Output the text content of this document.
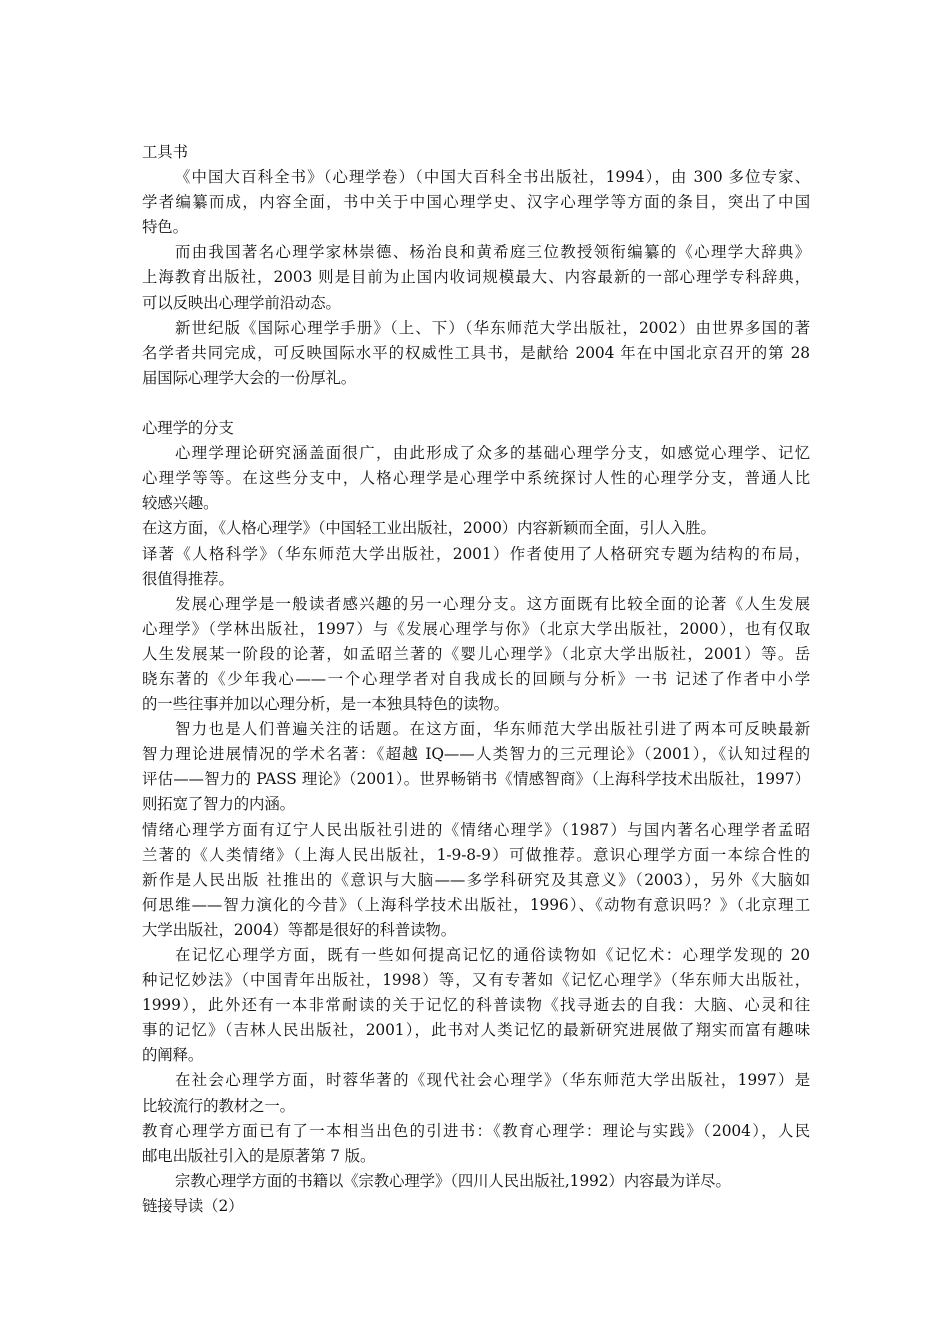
工具书
《中国大百科全书》（心理学卷）（中国大百科全书出版社，1994），由 300 多位专家、
学者编纂而成，内容全面，书中关于中国心理学史、汉字心理学等方面的条目，突出了中国
特色。
而由我国著名心理学家林崇德、杨治良和黄希庭三位教授领衔编纂的《心理学大辞典》
上海教育出版社，2003 则是目前为止国内收词规模最大、内容最新的一部心理学专科辞典，
可以反映出心理学前沿动态。
新世纪版《国际心理学手册》（上、下）（华东师范大学出版社，2002）由世界多国的著
名学者共同完成，可反映国际水平的权威性工具书，是献给 2004 年在中国北京召开的第 28
届国际心理学大会的一份厚礼。
心理学的分支
心理学理论研究涵盖面很广，由此形成了众多的基础心理学分支，如感觉心理学、记忆
心理学等等。在这些分支中，人格心理学是心理学中系统探讨人性的心理学分支，普通人比
较感兴趣。
在这方面，《人格心理学》（中国轻工业出版社，2000）内容新颖而全面，引人入胜。
译著《人格科学》（华东师范大学出版社，2001）作者使用了人格研究专题为结构的布局，
很值得推荐。
发展心理学是一般读者感兴趣的另一心理分支。这方面既有比较全面的论著《人生发展
心理学》（学林出版社，1997）与《发展心理学与你》（北京大学出版社，2000），也有仅取
人生发展某一阶段的论著，如孟昭兰著的《婴儿心理学》（北京大学出版社，2001）等。岳
晓东著的《少年我心——一个心理学者对自我成长的回顾与分析》一书 记述了作者中小学
的一些往事并加以心理分析，是一本独具特色的读物。
智力也是人们普遍关注的话题。在这方面，华东师范大学出版社引进了两本可反映最新
智力理论进展情况的学术名著：《超越 IQ——人类智力的三元理论》（2001），《认知过程的
评估——智力的 PASS 理论》（2001）。世界畅销书《情感智商》（上海科学技术出版社，1997）
则拓宽了智力的内涵。
情绪心理学方面有辽宁人民出版社引进的《情绪心理学》（1987）与国内著名心理学者孟昭
兰著的《人类情绪》（上海人民出版社，1-9-8-9）可做推荐。意识心理学方面一本综合性的
新作是人民出版 社推出的《意识与大脑——多学科研究及其意义》（2003），另外《大脑如
何思维——智力演化的今昔》（上海科学技术出版社，1996）、《动物有意识吗？》（北京理工
大学出版社，2004）等都是很好的科普读物。
在记忆心理学方面，既有一些如何提高记忆的通俗读物如《记忆术：心理学发现的 20
种记忆妙法》（中国青年出版社，1998）等，又有专著如《记忆心理学》（华东师大出版社，
1999），此外还有一本非常耐读的关于记忆的科普读物《找寻逝去的自我：大脑、心灵和往
事的记忆》（吉林人民出版社，2001），此书对人类记忆的最新研究进展做了翔实而富有趣味
的阐释。
在社会心理学方面，时蓉华著的《现代社会心理学》（华东师范大学出版社，1997）是
比较流行的教材之一。
教育心理学方面已有了一本相当出色的引进书：《教育心理学：理论与实践》（2004），人民
邮电出版社引入的是原著第 7 版。
宗教心理学方面的书籍以《宗教心理学》（四川人民出版社,1992）内容最为详尽。
链接导读（2）
